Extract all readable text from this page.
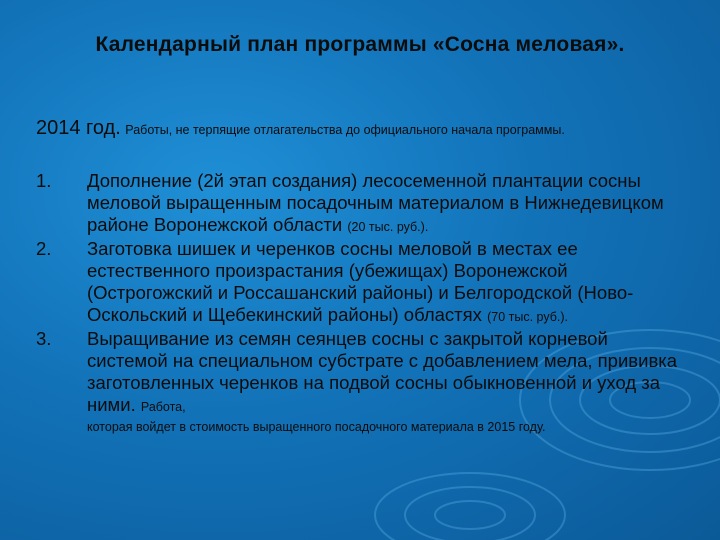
Календарный план программы «Сосна меловая».
2014 год. Работы, не терпящие отлагательства до официального начала программы.
1. Дополнение (2й этап создания) лесосеменной плантации сосны меловой выращенным посадочным материалом в Нижнедевицком районе Воронежской области (20 тыс. руб.).
2. Заготовка шишек и черенков сосны меловой в местах ее естественного произрастания (убежищах) Воронежской (Острогожский и Россашанский районы) и Белгородской (Ново-Оскольский и Щебекинский районы) областях (70 тыс. руб.).
3. Выращивание из семян сеянцев сосны с закрытой корневой системой на специальном субстрате с добавлением мела, прививка заготовленных черенков на подвой сосны обыкновенной и уход за ними. Работа,
которая войдет в стоимость выращенного посадочного материала в 2015 году.
